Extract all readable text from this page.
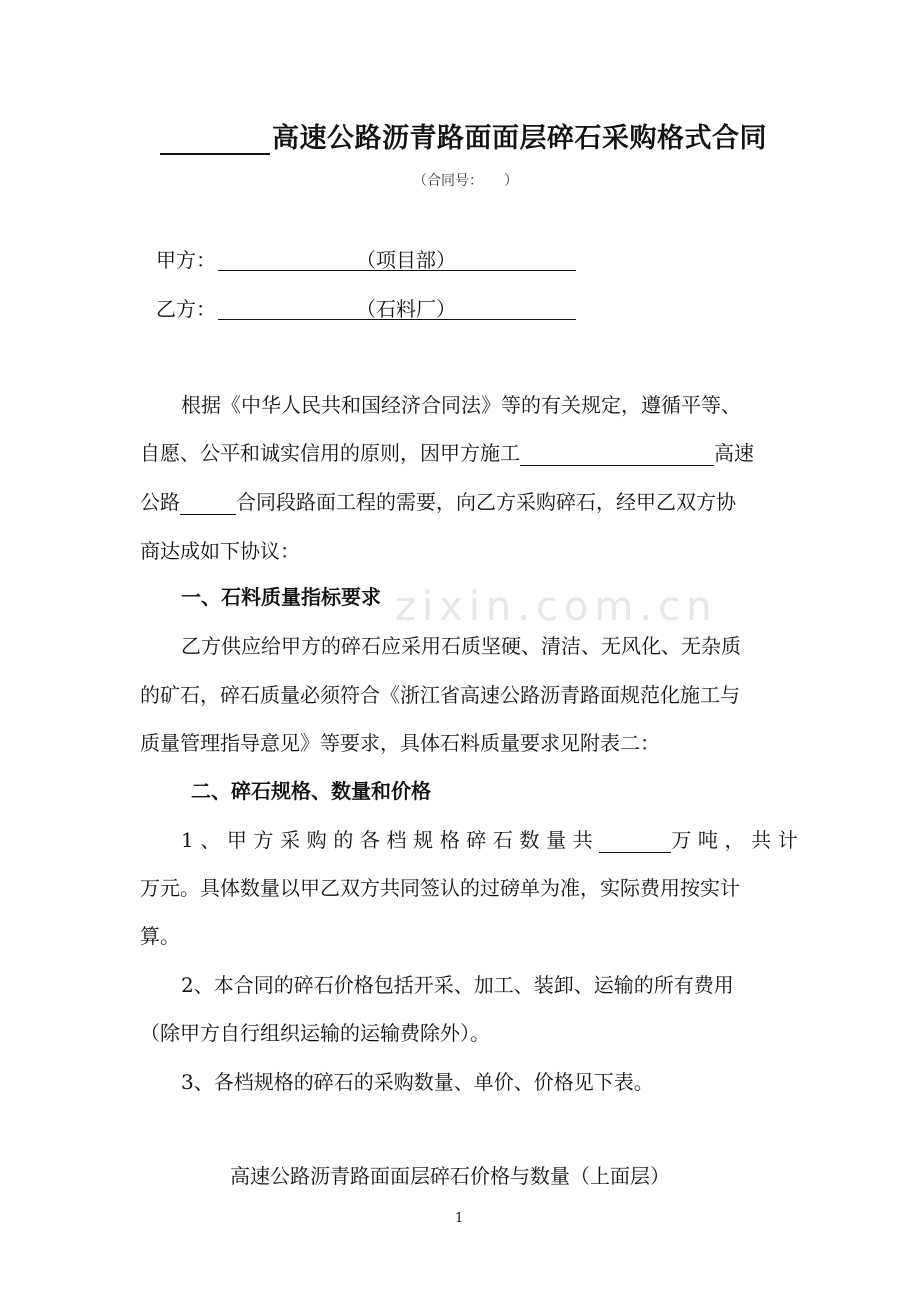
高速公路沥青路面面层碎石采购格式合同
（合同号：　　）
甲方：	（项目部）
乙方：	（石料厂）
根据《中华人民共和国经济合同法》等的有关规定，遵循平等、
自愿、公平和诚实信用的原则，因甲方施工	高速
公路	合同段路面工程的需要，向乙方采购碎石，经甲乙双方协
商达成如下协议：
一、石料质量指标要求
乙方供应给甲方的碎石应采用石质坚硬、清洁、无风化、无杂质
的矿石，碎石质量必须符合《浙江省高速公路沥青路面规范化施工与
质量管理指导意见》等要求，具体石料质量要求见附表二：
二、碎石规格、数量和价格
1、甲方采购的各档规格碎石数量共	万吨，共计
万元。具体数量以甲乙双方共同签认的过磅单为准，实际费用按实计
算。
2、本合同的碎石价格包括开采、加工、装卸、运输的所有费用
（除甲方自行组织运输的运输费除外）。
3、各档规格的碎石的采购数量、单价、价格见下表。
zixin.com.cn
高速公路沥青路面面层碎石价格与数量（上面层）
1
